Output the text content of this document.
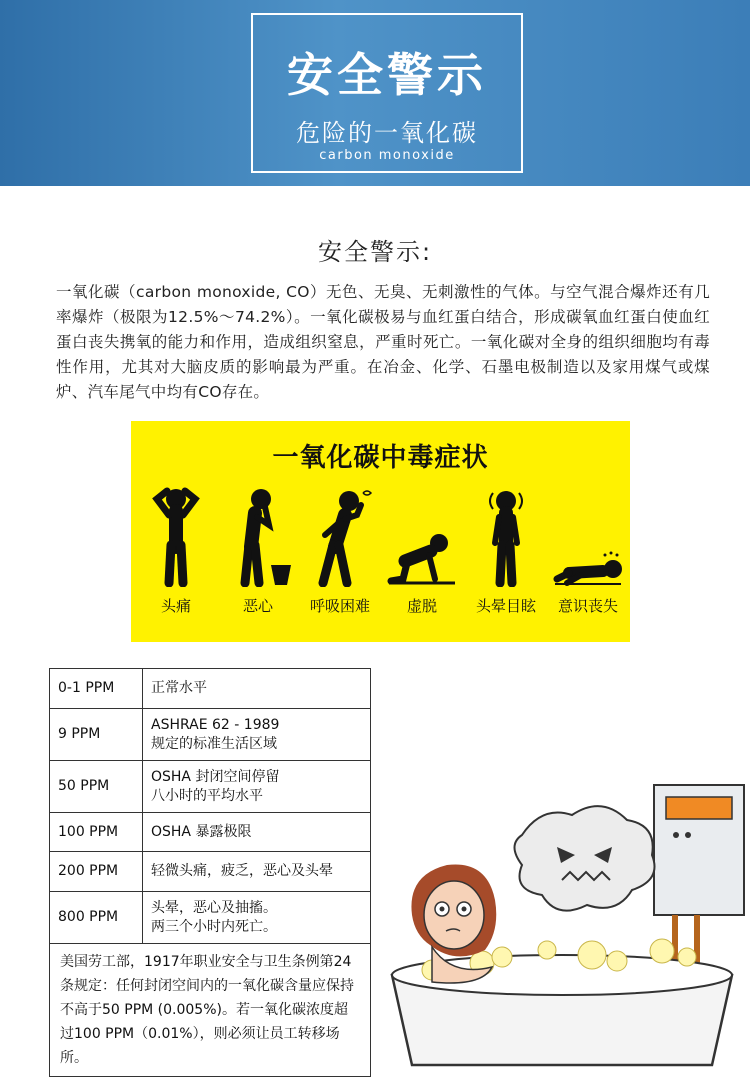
安全警示
危险的一氧化碳
carbon monoxide
安全警示:

一氧化碳（carbon monoxide, CO）无色、无臭、无刺激性的气体。与空气混合爆炸还有几率爆炸（极限为12.5%～74.2%）。一氧化碳极易与血红蛋白结合，形成碳氧血红蛋白使血红蛋白丧失携氧的能力和作用，造成组织窒息，严重时死亡。一氧化碳对全身的组织细胞均有毒性作用，尤其对大脑皮质的影响最为严重。在冶金、化学、石墨电极制造以及家用煤气或煤炉、汽车尾气中均有CO存在。

一氧化碳中毒症状
头痛	恶心	呼吸困难	虚脱	头晕目眩	意识丧失
0-1 PPM	正常水平
9 PPM	ASHRAE 62 - 1989
规定的标准生活区域

50 PPM	OSHA 封闭空间停留
八小时的平均水平

100 PPM	OSHA 暴露极限
200 PPM	轻微头痛，疲乏，恶心及头晕
800 PPM	头晕，恶心及抽搐。
两三个小时内死亡。

美国劳工部，1917年职业安全与卫生条例第24条规定：任何封闭空间内的一氧化碳含量应保持不高于50 PPM (0.005%)。若一氧化碳浓度超过100 PPM（0.01%），则必须让员工转移场所。	
